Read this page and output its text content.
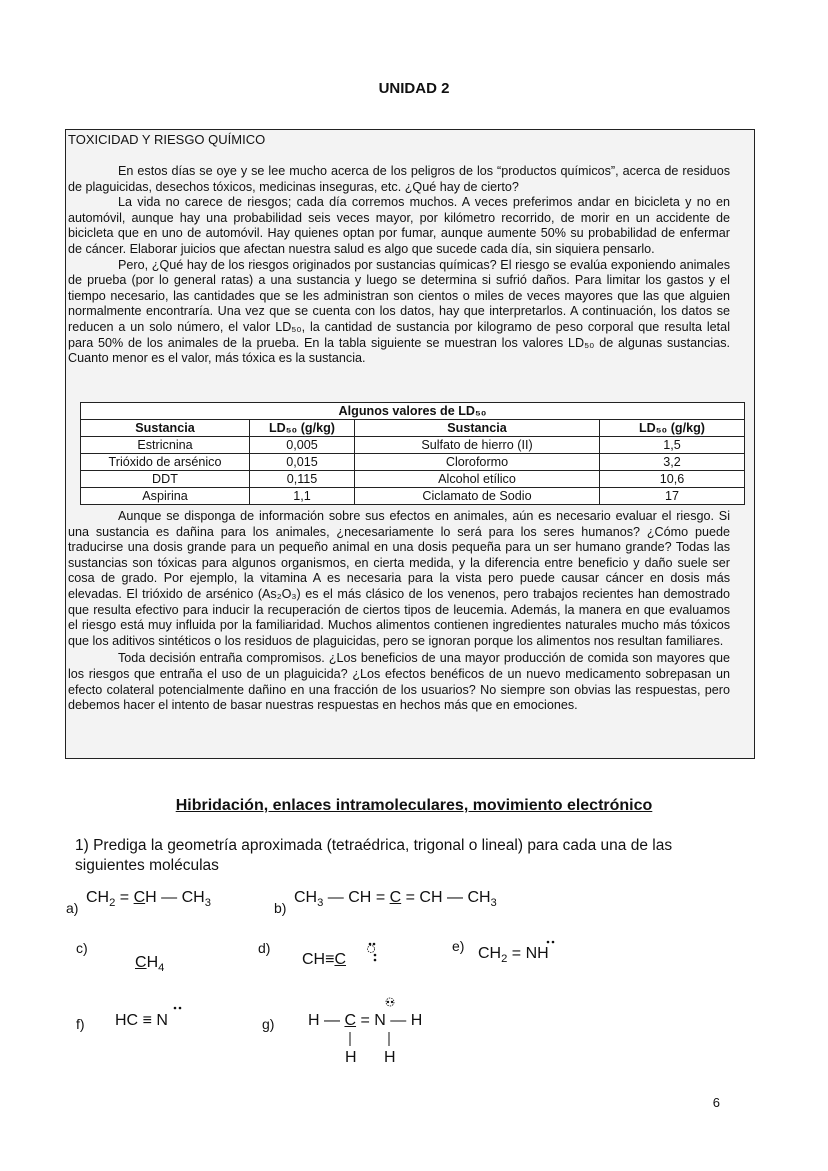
UNIDAD 2
TOXICIDAD Y RIESGO QUÍMICO

En estos días se oye y se lee mucho acerca de los peligros de los “productos químicos”, acerca de residuos de plaguicidas, desechos tóxicos, medicinas inseguras, etc. ¿Qué hay de cierto?

La vida no carece de riesgos; cada día corremos muchos. A veces preferimos andar en bicicleta y no en automóvil, aunque hay una probabilidad seis veces mayor, por kilómetro recorrido, de morir en un accidente de bicicleta que en uno de automóvil. Hay quienes optan por fumar, aunque aumente 50% su probabilidad de enfermar de cáncer. Elaborar juicios que afectan nuestra salud es algo que sucede cada día, sin siquiera pensarlo.

Pero, ¿Qué hay de los riesgos originados por sustancias químicas? El riesgo se evalúa exponiendo animales de prueba (por lo general ratas) a una sustancia y luego se determina si sufrió daños. Para limitar los gastos y el tiempo necesario, las cantidades que se les administran son cientos o miles de veces mayores que las que alguien normalmente encontraría. Una vez que se cuenta con los datos, hay que interpretarlos. A continuación, los datos se reducen a un solo número, el valor LD₅₀, la cantidad de sustancia por kilogramo de peso corporal que resulta letal para 50% de los animales de la prueba. En la tabla siguiente se muestran los valores LD₅₀ de algunas sustancias. Cuanto menor es el valor, más tóxica es la sustancia.

Algunos valores de LD₅₀			
Sustancia	LD₅₀ (g/kg)	Sustancia	LD₅₀ (g/kg)
Estricnina	0,005	Sulfato de hierro (II)	1,5
Trióxido de arsénico	0,015	Cloroformo	3,2
DDT	0,115	Alcohol etílico	10,6
Aspirina	1,1	Ciclamato de Sodio	17

Aunque se disponga de información sobre sus efectos en animales, aún es necesario evaluar el riesgo. Si una sustancia es dañina para los animales, ¿necesariamente lo será para los seres humanos? ¿Cómo puede traducirse una dosis grande para un pequeño animal en una dosis pequeña para un ser humano grande? Todas las sustancias son tóxicas para algunos organismos, en cierta medida, y la diferencia entre beneficio y daño suele ser cosa de grado. Por ejemplo, la vitamina A es necesaria para la vista pero puede causar cáncer en dosis más elevadas. El trióxido de arsénico (As₂O₃) es el más clásico de los venenos, pero trabajos recientes han demostrado que resulta efectivo para inducir la recuperación de ciertos tipos de leucemia. Además, la manera en que evaluamos el riesgo está muy influida por la familiaridad. Muchos alimentos contienen ingredientes naturales mucho más tóxicos que los aditivos sintéticos o los residuos de plaguicidas, pero se ignoran porque los alimentos nos resultan familiares.

Toda decisión entraña compromisos. ¿Los beneficios de una mayor producción de comida son mayores que los riesgos que entraña el uso de un plaguicida? ¿Los efectos benéficos de un nuevo medicamento sobrepasan un efecto colateral potencialmente dañino en una fracción de los usuarios? No siempre son obvias las respuestas, pero debemos hacer el intento de basar nuestras respuestas en hechos más que en emociones.

Hibridación, enlaces intramoleculares, movimiento electrónico
1) Prediga la geometría aproximada (tetraédrica, trigonal o lineal) para cada una de las siguientes moléculas
a)
$CH_2$ = CH — $CH_3$	b)
$CH_3$ — CH = C = CH — $CH_3$
c)
$CH_4$
d)
CH≡C
e) $CH_2$ = NH
f) HC ≡ N	g) H — C = N — H
H H
6
